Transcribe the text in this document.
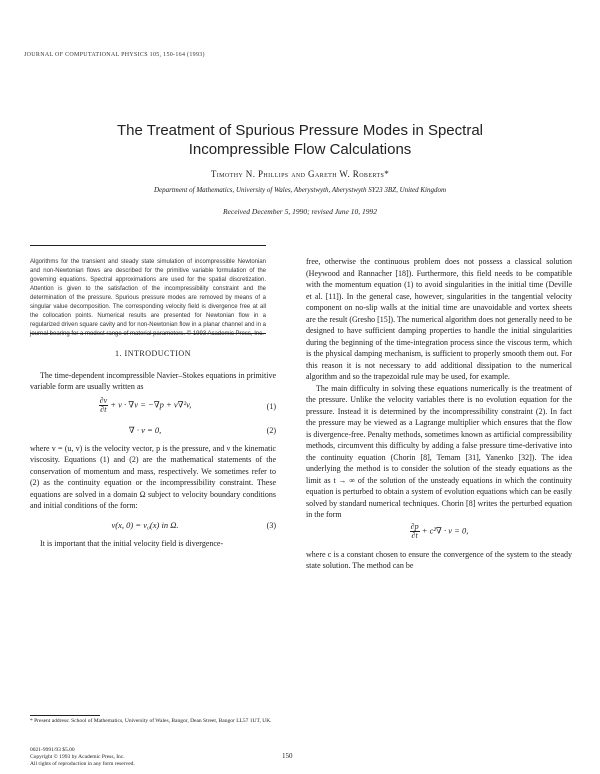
JOURNAL OF COMPUTATIONAL PHYSICS 105, 150-164 (1993)
The Treatment of Spurious Pressure Modes in Spectral
Incompressible Flow Calculations
Timothy N. Phillips and Gareth W. Roberts*
Department of Mathematics, University of Wales, Aberystwyth, Aberystwyth SY23 3BZ, United Kingdom
Received December 5, 1990; revised June 10, 1992
Algorithms for the transient and steady state simulation of incompressible Newtonian and non-Newtonian flows are described for the primitive variable formulation of the governing equations. Spectral approximations are used for the spatial discretization. Attention is given to the satisfaction of the incompressibility constraint and the determination of the pressure. Spurious pressure modes are removed by means of a singular value decomposition. The corresponding velocity field is divergence free at all the collocation points. Numerical results are presented for Newtonian flow in a regularized driven square cavity and for non-Newtonian flow in a planar channel and in a journal bearing for a modest range of material parameters. © 1993 Academic Press, Inc.
1. INTRODUCTION

The time-dependent incompressible Navier–Stokes equations in primitive variable form are usually written as

$\frac{\partial v}{\partial t} + v \cdot \nabla v = -\nabla p + \nu\nabla^2v$,	(1)
∇ · v = 0,	(2)

where v = (u, v) is the velocity vector, p is the pressure, and ν the kinematic viscosity. Equations (1) and (2) are the mathematical statements of the conservation of momentum and mass, respectively. We sometimes refer to (2) as the continuity equation or the incompressibility constraint. These equations are solved in a domain Ω subject to velocity boundary conditions and initial conditions of the form:

v(x, 0) = v₀(x) in Ω.	(3)

It is important that the initial velocity field is divergence-

free, otherwise the continuous problem does not possess a classical solution (Heywood and Rannacher [18]). Furthermore, this field needs to be compatible with the momentum equation (1) to avoid singularities in the initial time (Deville et al. [11]). In the general case, however, singularities in the tangential velocity component on no-slip walls at the initial time are unavoidable and vortex sheets are the result (Gresho [15]). The numerical algorithm does not generally need to be designed to have sufficient damping properties to handle the initial singularities during the beginning of the time-integration process since the viscous term, which is the physical damping mechanism, is sufficient to properly smooth them out. For this reason it is not necessary to add additional dissipation to the numerical algorithm and so the trapezoidal rule may be used, for example.

The main difficulty in solving these equations numerically is the treatment of the pressure. Unlike the velocity variables there is no evolution equation for the pressure. Instead it is determined by the incompressibility constraint (2). In fact the pressure may be viewed as a Lagrange multiplier which ensures that the flow is divergence-free. Penalty methods, sometimes known as artificial compressibility methods, circumvent this difficulty by adding a false pressure time-derivative into the continuity equation (Chorin [8], Temam [31], Yanenko [32]). The idea underlying the method is to consider the solution of the steady equations as the limit as t → ∞ of the solution of the unsteady equations in which the continuity equation is perturbed to obtain a system of evolution equations which can be easily solved by standard numerical techniques. Chorin [8] writes the perturbed equation in the form

$\frac{\partial p}{\partial t} + c^2\nabla \cdot v = 0$,

where c is a constant chosen to ensure the convergence of the system to the steady state solution. The method can be

* Present address: School of Mathematics, University of Wales, Bangor, Dean Street, Bangor LL57 1UT, UK.
0021-9991/93 $5.00
Copyright © 1993 by Academic Press, Inc.
All rights of reproduction in any form reserved.
150
